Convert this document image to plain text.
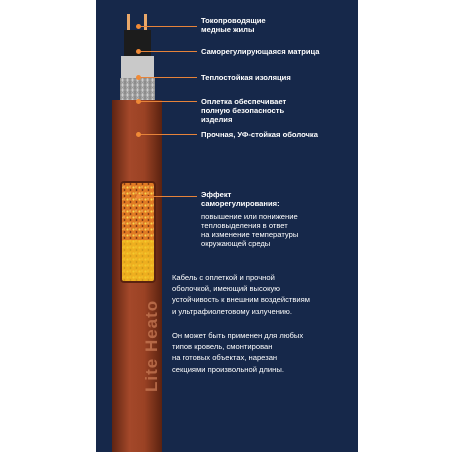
Lite Heato
Токопроводящие
медные жилы
Саморегулирующаяся матрица
Теплостойкая изоляция
Оплетка обеспечивает
полную безопасность
изделия
Прочная, УФ-стойкая оболочка
Эффект
саморегулирования:
повышение или понижение
тепловыделения в ответ
на изменение температуры
окружающей среды
Кабель с оплеткой и прочной
оболочкой, имеющий высокую
устойчивость к внешним воздействиям
и ультрафиолетовому излучению.
Он может быть применен для любых
типов кровель, смонтирован
на готовых объектах, нарезан
секциями произвольной длины.
